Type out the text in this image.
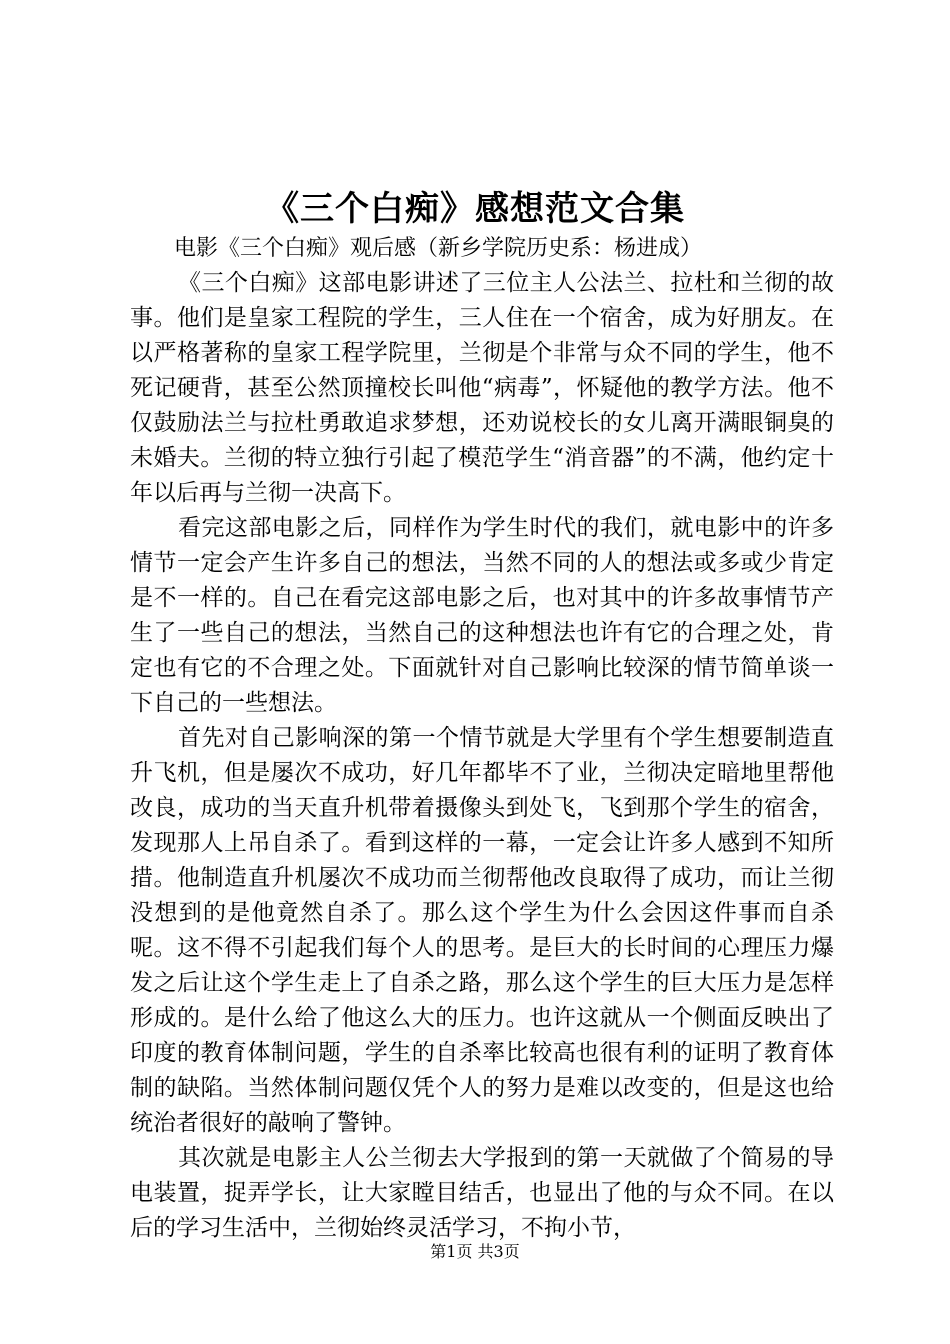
《三个白痴》感想范文合集
电影《三个白痴》观后感（新乡学院历史系：杨进成）

《三个白痴》这部电影讲述了三位主人公法兰、拉杜和兰彻的故事。他们是皇家工程院的学生，三人住在一个宿舍，成为好朋友。在以严格著称的皇家工程学院里，兰彻是个非常与众不同的学生，他不死记硬背，甚至公然顶撞校长叫他“病毒”，怀疑他的教学方法。他不仅鼓励法兰与拉杜勇敢追求梦想，还劝说校长的女儿离开满眼铜臭的未婚夫。兰彻的特立独行引起了模范学生“消音器”的不满，他约定十年以后再与兰彻一决高下。

看完这部电影之后，同样作为学生时代的我们，就电影中的许多情节一定会产生许多自己的想法，当然不同的人的想法或多或少肯定是不一样的。自己在看完这部电影之后，也对其中的许多故事情节产生了一些自己的想法，当然自己的这种想法也许有它的合理之处，肯定也有它的不合理之处。下面就针对自己影响比较深的情节简单谈一下自己的一些想法。

首先对自己影响深的第一个情节就是大学里有个学生想要制造直升飞机，但是屡次不成功，好几年都毕不了业，兰彻决定暗地里帮他改良，成功的当天直升机带着摄像头到处飞，飞到那个学生的宿舍，发现那人上吊自杀了。看到这样的一幕，一定会让许多人感到不知所措。他制造直升机屡次不成功而兰彻帮他改良取得了成功，而让兰彻没想到的是他竟然自杀了。那么这个学生为什么会因这件事而自杀呢。这不得不引起我们每个人的思考。是巨大的长时间的心理压力爆发之后让这个学生走上了自杀之路，那么这个学生的巨大压力是怎样形成的。是什么给了他这么大的压力。也许这就从一个侧面反映出了印度的教育体制问题，学生的自杀率比较高也很有利的证明了教育体制的缺陷。当然体制问题仅凭个人的努力是难以改变的，但是这也给统治者很好的敲响了警钟。

其次就是电影主人公兰彻去大学报到的第一天就做了个简易的导电装置，捉弄学长，让大家瞠目结舌，也显出了他的与众不同。在以后的学习生活中，兰彻始终灵活学习，不拘小节，

第1页 共3页
